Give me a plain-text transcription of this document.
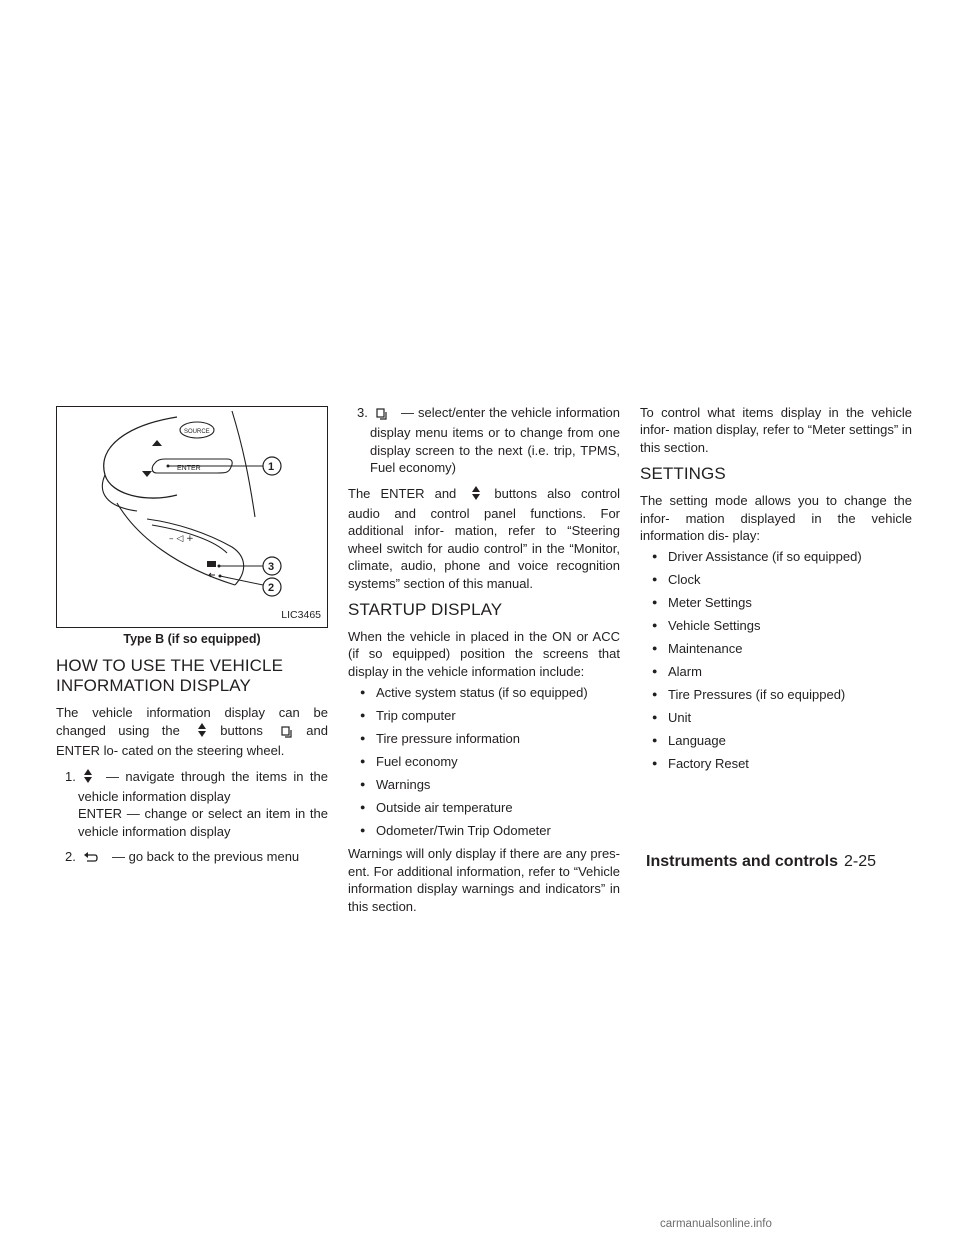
ENTER
SOURCE
– ◁ +
1
3
2
LIC3465
Type B (if so equipped)
HOW TO USE THE VEHICLE
INFORMATION DISPLAY

The vehicle information display can be changed using the	buttons	and ENTER lo- cated on the steering wheel.

1. — navigate through the items in the vehicle information display
ENTER — change or select an item in the vehicle information display
2.	— go back to the previous menu
3.	— select/enter the vehicle information display menu items or to change from one display screen to the next (i.e. trip, TPMS, Fuel economy)

The ENTER and	buttons also control audio and control panel functions. For additional infor- mation, refer to “Steering wheel switch for audio control” in the “Monitor, climate, audio, phone and voice recognition systems” section of this manual.

STARTUP DISPLAY

When the vehicle in placed in the ON or ACC (if so equipped) position the screens that display in the vehicle information include:

● Active system status (if so equipped)
● Trip computer
● Tire pressure information
● Fuel economy
● Warnings
● Outside air temperature
● Odometer/Twin Trip Odometer

Warnings will only display if there are any pres- ent. For additional information, refer to “Vehicle information display warnings and indicators” in this section.

To control what items display in the vehicle infor- mation display, refer to “Meter settings” in this section.

SETTINGS

The setting mode allows you to change the infor- mation displayed in the vehicle information dis- play:

● Driver Assistance (if so equipped)
● Clock
● Meter Settings
● Vehicle Settings
● Maintenance
● Alarm
● Tire Pressures (if so equipped)
● Unit
● Language
● Factory Reset
Instruments and controls 2-25
carmanualsonline.info
